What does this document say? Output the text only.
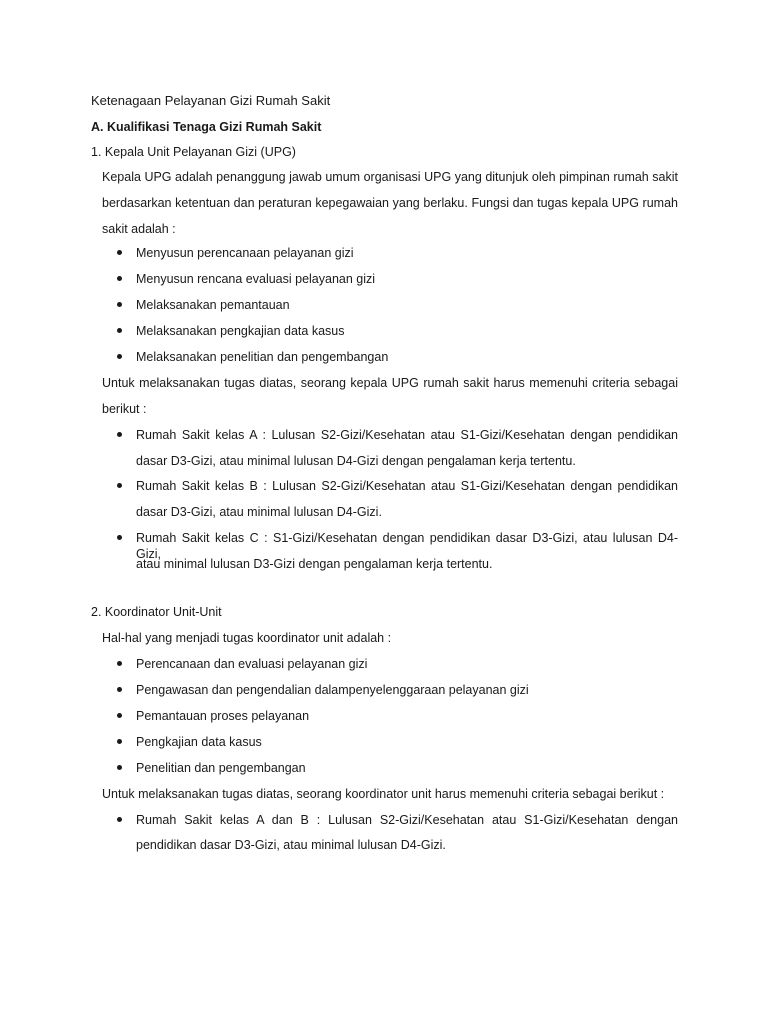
Ketenagaan Pelayanan Gizi Rumah Sakit
A. Kualifikasi Tenaga Gizi Rumah Sakit
1. Kepala Unit Pelayanan Gizi (UPG)
Kepala UPG adalah penanggung jawab umum organisasi UPG yang ditunjuk oleh pimpinan rumah sakit
berdasarkan ketentuan dan peraturan kepegawaian yang berlaku. Fungsi dan tugas kepala UPG rumah
sakit adalah :
Menyusun perencanaan pelayanan gizi
Menyusun rencana evaluasi pelayanan gizi
Melaksanakan pemantauan
Melaksanakan pengkajian data kasus
Melaksanakan penelitian dan pengembangan
Untuk melaksanakan tugas diatas, seorang kepala UPG rumah sakit harus memenuhi criteria sebagai
berikut :
Rumah Sakit kelas A : Lulusan S2-Gizi/Kesehatan atau S1-Gizi/Kesehatan dengan pendidikan
dasar D3-Gizi, atau minimal lulusan D4-Gizi dengan pengalaman kerja tertentu.
Rumah Sakit kelas B : Lulusan S2-Gizi/Kesehatan atau S1-Gizi/Kesehatan dengan pendidikan
dasar D3-Gizi, atau minimal lulusan D4-Gizi.
Rumah Sakit kelas C : S1-Gizi/Kesehatan dengan pendidikan dasar D3-Gizi, atau lulusan D4-Gizi,
atau minimal lulusan D3-Gizi dengan pengalaman kerja tertentu.
2. Koordinator Unit-Unit
Hal-hal yang menjadi tugas koordinator unit adalah :
Perencanaan dan evaluasi pelayanan gizi
Pengawasan dan pengendalian dalampenyelenggaraan pelayanan gizi
Pemantauan proses pelayanan
Pengkajian data kasus
Penelitian dan pengembangan
Untuk melaksanakan tugas diatas, seorang koordinator unit harus memenuhi criteria sebagai berikut :
Rumah Sakit kelas A dan B : Lulusan S2-Gizi/Kesehatan atau S1-Gizi/Kesehatan dengan
pendidikan dasar D3-Gizi, atau minimal lulusan D4-Gizi.
